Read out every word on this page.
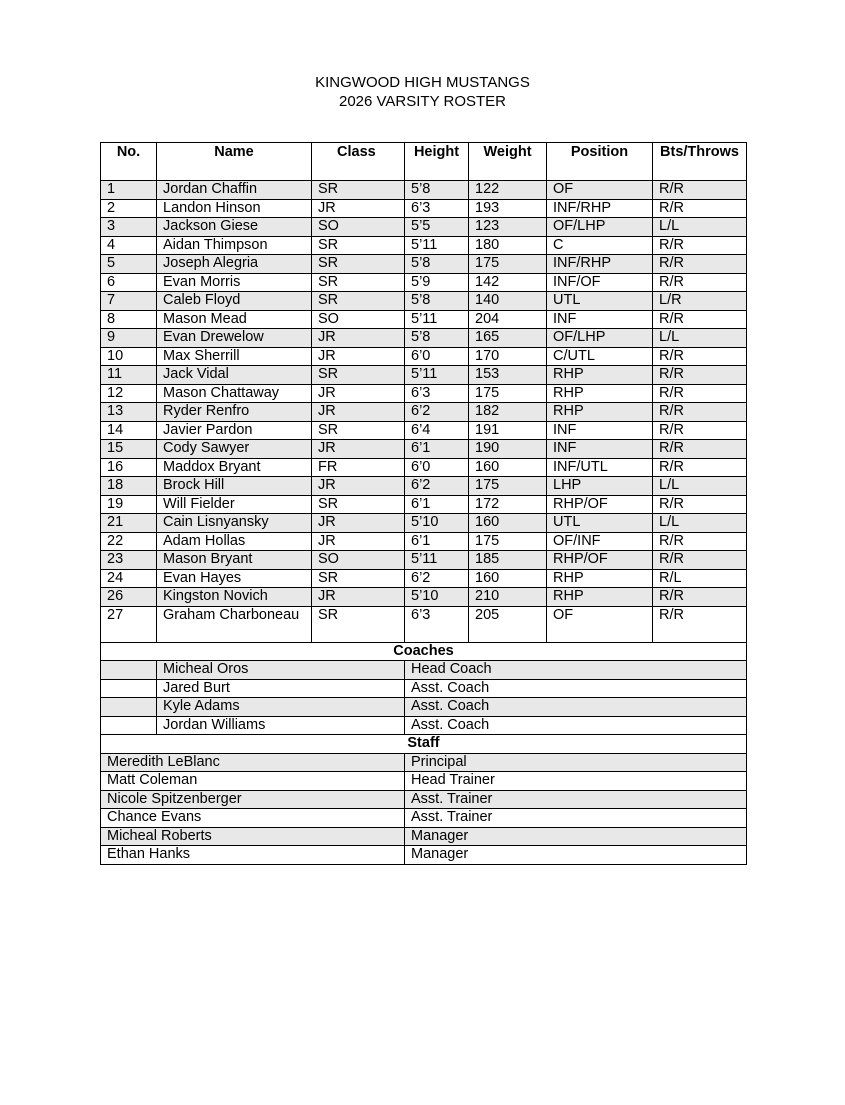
KINGWOOD HIGH MUSTANGS
2026 VARSITY ROSTER
No.	Name	Class	Height	Weight	Position	Bts/Throws
1	Jordan Chaffin	SR	5’8	122	OF	R/R
2	Landon Hinson	JR	6’3	193	INF/RHP	R/R
3	Jackson Giese	SO	5’5	123	OF/LHP	L/L
4	Aidan Thimpson	SR	5’11	180	C	R/R
5	Joseph Alegria	SR	5’8	175	INF/RHP	R/R
6	Evan Morris	SR	5’9	142	INF/OF	R/R
7	Caleb Floyd	SR	5’8	140	UTL	L/R
8	Mason Mead	SO	5’11	204	INF	R/R
9	Evan Drewelow	JR	5’8	165	OF/LHP	L/L
10	Max Sherrill	JR	6’0	170	C/UTL	R/R
11	Jack Vidal	SR	5’11	153	RHP	R/R
12	Mason Chattaway	JR	6’3	175	RHP	R/R
13	Ryder Renfro	JR	6’2	182	RHP	R/R
14	Javier Pardon	SR	6’4	191	INF	R/R
15	Cody Sawyer	JR	6’1	190	INF	R/R
16	Maddox Bryant	FR	6’0	160	INF/UTL	R/R
18	Brock Hill	JR	6’2	175	LHP	L/L
19	Will Fielder	SR	6’1	172	RHP/OF	R/R
21	Cain Lisnyansky	JR	5’10	160	UTL	L/L
22	Adam Hollas	JR	6’1	175	OF/INF	R/R
23	Mason Bryant	SO	5’11	185	RHP/OF	R/R
24	Evan Hayes	SR	6’2	160	RHP	R/L
26	Kingston Novich	JR	5’10	210	RHP	R/R
27	Graham Charboneau	SR	6’3	205	OF	R/R
Coaches						
	Micheal Oros		Head Coach			
	Jared Burt		Asst. Coach			
	Kyle Adams		Asst. Coach			
	Jordan Williams		Asst. Coach			
Staff						
Meredith LeBlanc			Principal			
Matt Coleman			Head Trainer			
Nicole Spitzenberger			Asst. Trainer			
Chance Evans			Asst. Trainer			
Micheal Roberts			Manager			
Ethan Hanks			Manager			
